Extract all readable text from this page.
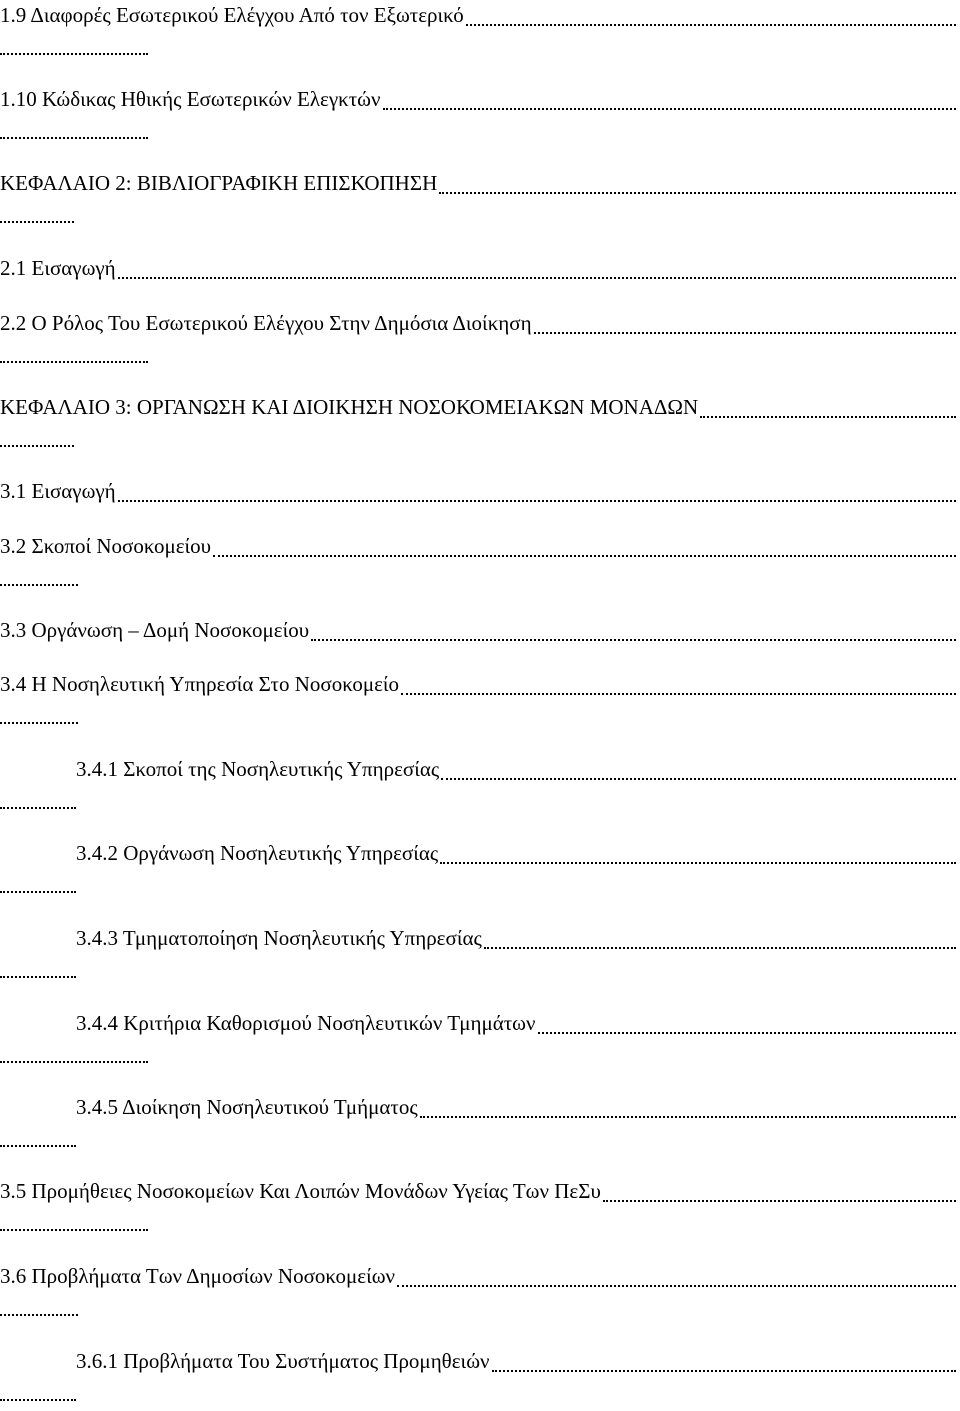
1.9 Διαφορές Εσωτερικού Ελέγχου Από τον Εξωτερικό
1.10 Κώδικας Ηθικής Εσωτερικών Ελεγκτών
ΚΕΦΑΛΑΙΟ 2: ΒΙΒΛΙΟΓΡΑΦΙΚΗ ΕΠΙΣΚΟΠΗΣΗ
2.1 Εισαγωγή
2.2 Ο Ρόλος Του Εσωτερικού Ελέγχου Στην Δημόσια Διοίκηση
ΚΕΦΑΛΑΙΟ 3: ΟΡΓΑΝΩΣΗ ΚΑΙ ΔΙΟΙΚΗΣΗ ΝΟΣΟΚΟΜΕΙΑΚΩΝ ΜΟΝΑΔΩΝ
3.1 Εισαγωγή
3.2 Σκοποί Νοσοκομείου
3.3 Οργάνωση – Δομή Νοσοκομείου
3.4 Η Νοσηλευτική Υπηρεσία Στο Νοσοκομείο
3.4.1 Σκοποί της Νοσηλευτικής Υπηρεσίας
3.4.2 Οργάνωση Νοσηλευτικής Υπηρεσίας
3.4.3 Τμηματοποίηση Νοσηλευτικής Υπηρεσίας
3.4.4 Κριτήρια Καθορισμού Νοσηλευτικών Τμημάτων
3.4.5 Διοίκηση Νοσηλευτικού Τμήματος
3.5 Προμήθειες Νοσοκομείων Και Λοιπών Μονάδων Υγείας Των ΠεΣυ
3.6 Προβλήματα Των Δημοσίων Νοσοκομείων
3.6.1 Προβλήματα Του Συστήματος Προμηθειών
